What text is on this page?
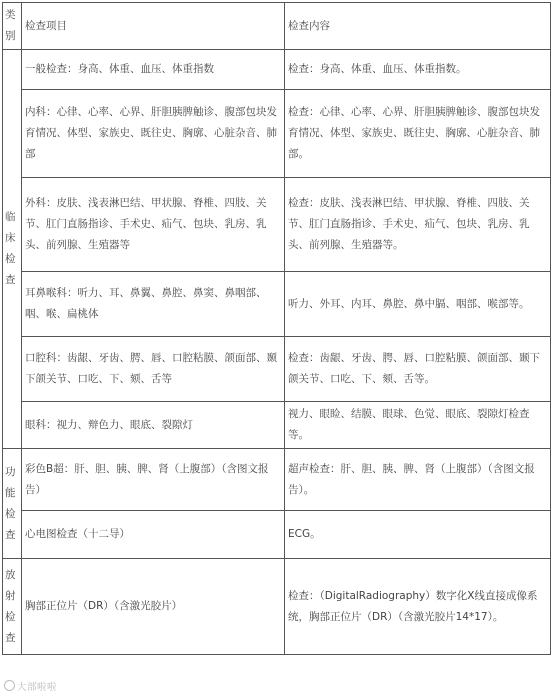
类别	检查项目	检查内容

临床检查	一般检查：身高、体重、血压、体重指数	检查：身高、体重、血压、体重指数。
	内科：心律、心率、心界、肝胆胰脾触诊、腹部包块发育情况、体型、家族史、既往史、胸廓、心脏杂音、肺部	检查：心律、心率、心界、肝胆胰脾触诊、腹部包块发育情况、体型、家族史、既往史、胸廓、心脏杂音、肺部。
	外科：皮肤、浅表淋巴结、甲状腺、脊椎、四肢、关节、肛门直肠指诊、手术史、疝气、包块、乳房、乳头、前列腺、生殖器等	检查：皮肤、浅表淋巴结、甲状腺、脊椎、四肢、关节、肛门直肠指诊、手术史、疝气、包块、乳房、乳头、前列腺、生殖器等。
	耳鼻喉科：听力、耳、鼻翼、鼻腔、鼻窦、鼻咽部、咽、喉、扁桃体	听力、外耳、内耳、鼻腔、鼻中膈、咽部、喉部等。
	口腔科：齿龈、牙齿、腭、唇、口腔粘膜、颌面部、颞下颌关节、口吃、下、颏、舌等	检查：齿龈、牙齿、腭、唇、口腔粘膜、颌面部、颞下颌关节、口吃、下、颏、舌等。
	眼科：视力、辩色力、眼底、裂隙灯	视力、眼睑、结膜、眼球、色觉、眼底、裂隙灯检查等。

功能检查	彩色B超：肝、胆、胰、脾、肾（上腹部）（含图文报告）	超声检查：肝、胆、胰、脾、肾（上腹部）（含图文报告）。
	心电图检查（十二导）	ECG。

放射检查	胸部正位片（DR）（含激光胶片）	检查：（DigitalRadiography）数字化X线直接成像系统，胸部正位片（DR）（含激光胶片14*17）。
大部啦啦
